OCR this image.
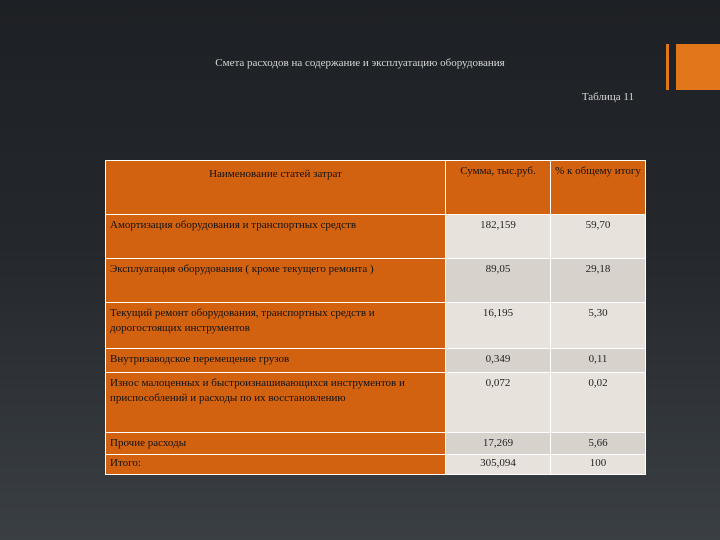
Смета расходов на содержание и эксплуатацию оборудования
Таблица 11
Наименование статей затрат	Сумма, тыс.руб.	% к общему итогу
Амортизация оборудования и транспортных средств	182,159	59,70
Эксплуатация оборудования ( кроме текущего ремонта )	89,05	29,18
Текущий ремонт оборудования, транспортных средств и дорогостоящих инструментов	16,195	5,30
Внутризаводское перемещение грузов	0,349	0,11
Износ малоценных и быстроизнашивающихся инструментов и приспособлений и расходы по их восстановлению	0,072	0,02
Прочие расходы	17,269	5,66
Итого:	305,094	100
